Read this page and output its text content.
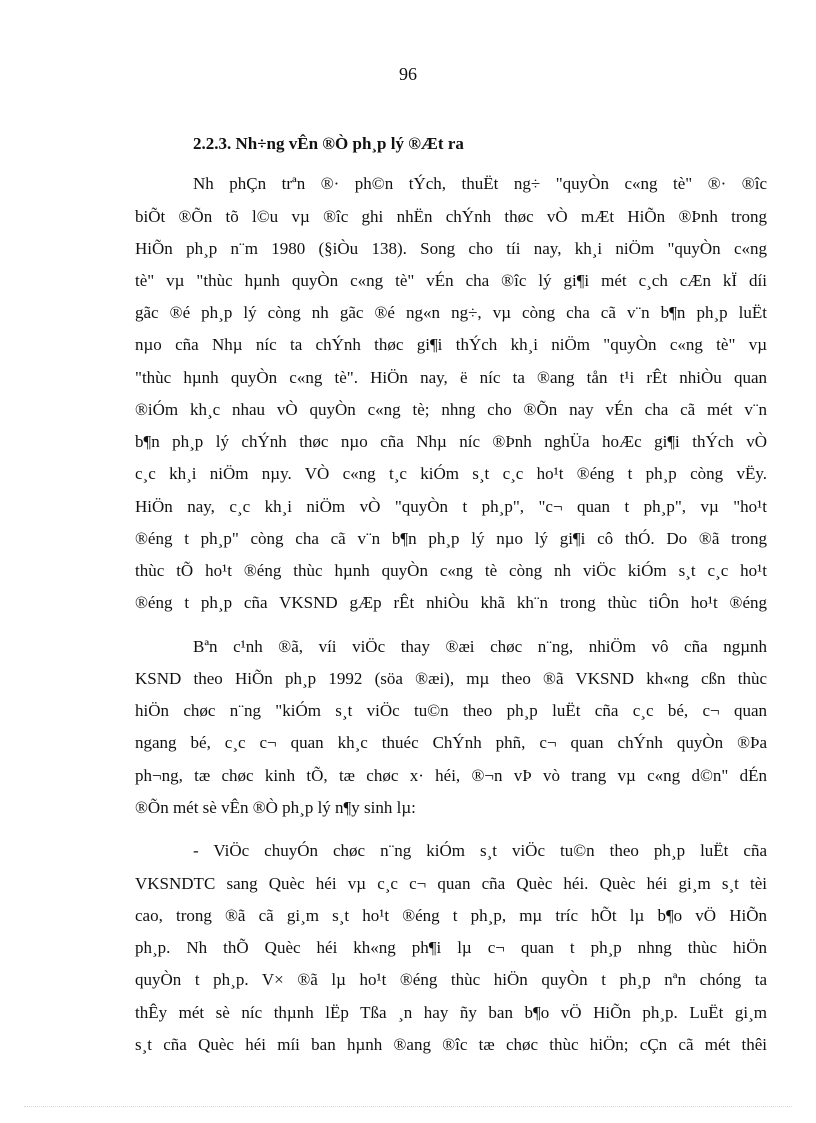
96
2.2.3. Nh÷ng vÊn ®Ò ph¸p lý ®Æt ra
Nh phÇn trªn ®· ph©n tÝch, thuËt ng÷ "quyÒn c«ng tè" ®· ®îc
biÕt ®Õn tõ l©u vµ ®îc ghi nhËn chÝnh thøc vÒ mÆt HiÕn ®Þnh trong
HiÕn ph¸p n¨m 1980 (§iÒu 138). Song cho tíi nay, kh¸i niÖm "quyÒn c«ng
tè" vµ "thùc hµnh quyÒn c«ng tè" vÉn cha ®îc lý gi¶i mét c¸ch cÆn kÏ díi
gãc ®é ph¸p lý còng nh gãc ®é ng«n ng÷, vµ còng cha cã v¨n b¶n ph¸p luËt
nµo cña Nhµ níc ta chÝnh thøc gi¶i thÝch kh¸i niÖm "quyÒn c«ng tè" vµ
"thùc hµnh quyÒn c«ng tè". HiÖn nay, ë níc ta ®ang tån t¹i rÊt nhiÒu quan
®iÓm kh¸c nhau vÒ quyÒn c«ng tè; nhng cho ®Õn nay vÉn cha cã mét v¨n
b¶n ph¸p lý chÝnh thøc nµo cña Nhµ níc ®Þnh nghÜa hoÆc gi¶i thÝch vÒ
c¸c kh¸i niÖm nµy. VÒ c«ng t¸c kiÓm s¸t c¸c ho¹t ®éng t ph¸p còng vËy.
HiÖn nay, c¸c kh¸i niÖm vÒ "quyÒn t ph¸p", "c¬ quan t ph¸p", vµ "ho¹t
®éng t ph¸p" còng cha cã v¨n b¶n ph¸p lý nµo lý gi¶i cô thÓ. Do ®ã trong
thùc tÕ ho¹t ®éng thùc hµnh quyÒn c«ng tè còng nh viÖc kiÓm s¸t c¸c ho¹t
®éng t ph¸p cña VKSND gÆp rÊt nhiÒu khã kh¨n trong thùc tiÔn ho¹t ®éng
Bªn c¹nh ®ã, víi viÖc thay ®æi chøc n¨ng, nhiÖm vô cña ngµnh
KSND theo HiÕn ph¸p 1992 (söa ®æi), mµ theo ®ã VKSND kh«ng cßn thùc
hiÖn chøc n¨ng "kiÓm s¸t viÖc tu©n theo ph¸p luËt cña c¸c bé, c¬ quan
ngang bé, c¸c c¬ quan kh¸c thuéc ChÝnh phñ, c¬ quan chÝnh quyÒn ®Þa
ph¬ng, tæ chøc kinh tÕ, tæ chøc x· héi, ®¬n vÞ vò trang vµ c«ng d©n" dÉn
®Õn mét sè vÊn ®Ò ph¸p lý n¶y sinh lµ:
- ViÖc chuyÓn chøc n¨ng kiÓm s¸t viÖc tu©n theo ph¸p luËt cña
VKSNDTC sang Quèc héi vµ c¸c c¬ quan cña Quèc héi. Quèc héi gi¸m s¸t tèi
cao, trong ®ã cã gi¸m s¸t ho¹t ®éng t ph¸p, mµ tríc hÕt lµ b¶o vÖ HiÕn
ph¸p. Nh thÕ Quèc héi kh«ng ph¶i lµ c¬ quan t ph¸p nhng thùc hiÖn
quyÒn t ph¸p. V× ®ã lµ ho¹t ®éng thùc hiÖn quyÒn t ph¸p nªn chóng ta
thÊy mét sè níc thµnh lËp Tßa ¸n hay ñy ban b¶o vÖ HiÕn ph¸p. LuËt gi¸m
s¸t cña Quèc héi míi ban hµnh ®ang ®îc tæ chøc thùc hiÖn; cÇn cã mét thêi
